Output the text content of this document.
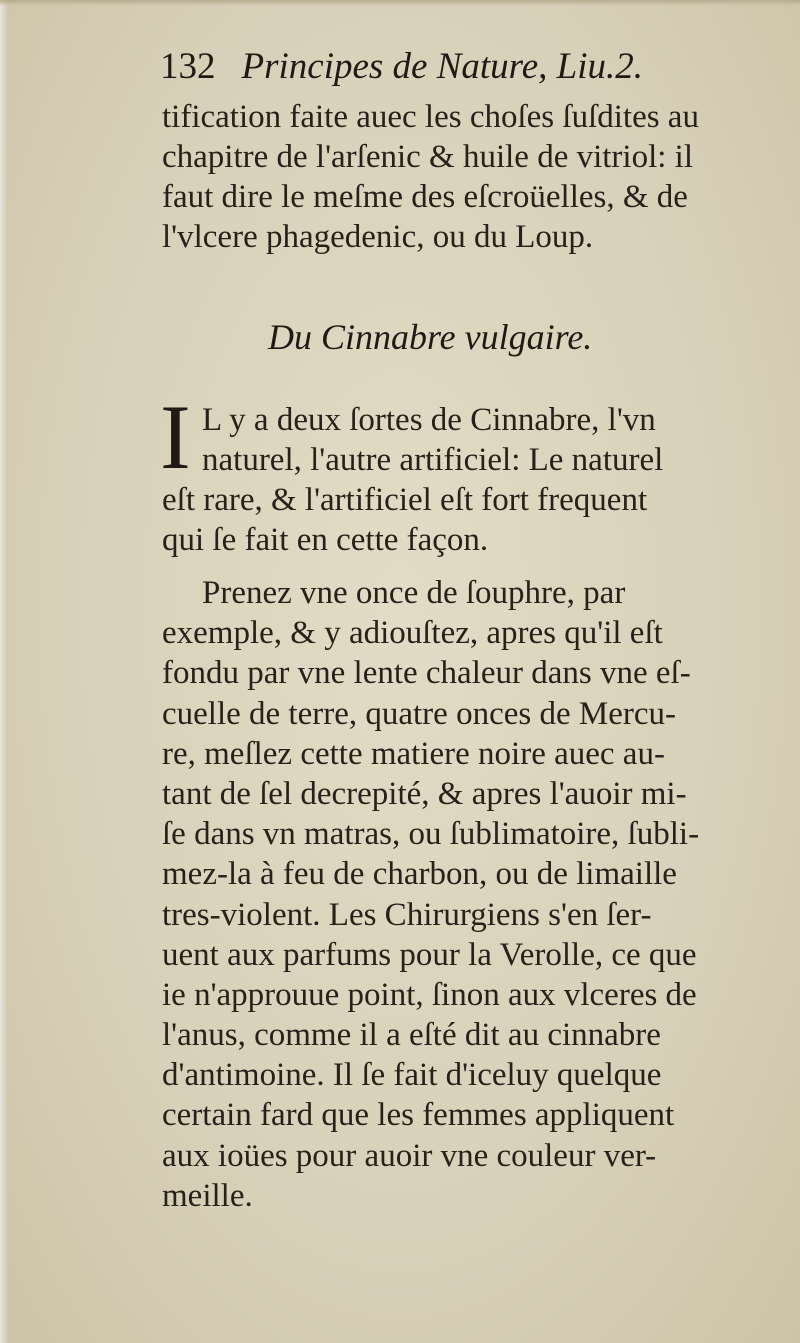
132 Principes de Nature, Liu.2.
tification faite auec les choſes ſuſdites au
chapitre de l'arſenic & huile de vitriol: il
faut dire le meſme des eſcroüelles, & de
l'vlcere phagedenic, ou du Loup.
Du Cinnabre vulgaire.
I L y a deux ſortes de Cinnabre, l'vn
naturel, l'autre artificiel: Le naturel
eſt rare, & l'artificiel eſt fort frequent
qui ſe fait en cette façon.
Prenez vne once de ſouphre, par
exemple, & y adiouſtez, apres qu'il eſt
fondu par vne lente chaleur dans vne eſ-
cuelle de terre, quatre onces de Mercu-
re, meſlez cette matiere noire auec au-
tant de ſel decrepité, & apres l'auoir mi-
ſe dans vn matras, ou ſublimatoire, ſubli-
mez-la à feu de charbon, ou de limaille
tres-violent. Les Chirurgiens s'en ſer-
uent aux parfums pour la Verolle, ce que
ie n'approuue point, ſinon aux vlceres de
l'anus, comme il a eſté dit au cinnabre
d'antimoine. Il ſe fait d'iceluy quelque
certain fard que les femmes appliquent
aux ioües pour auoir vne couleur ver-
meille.
